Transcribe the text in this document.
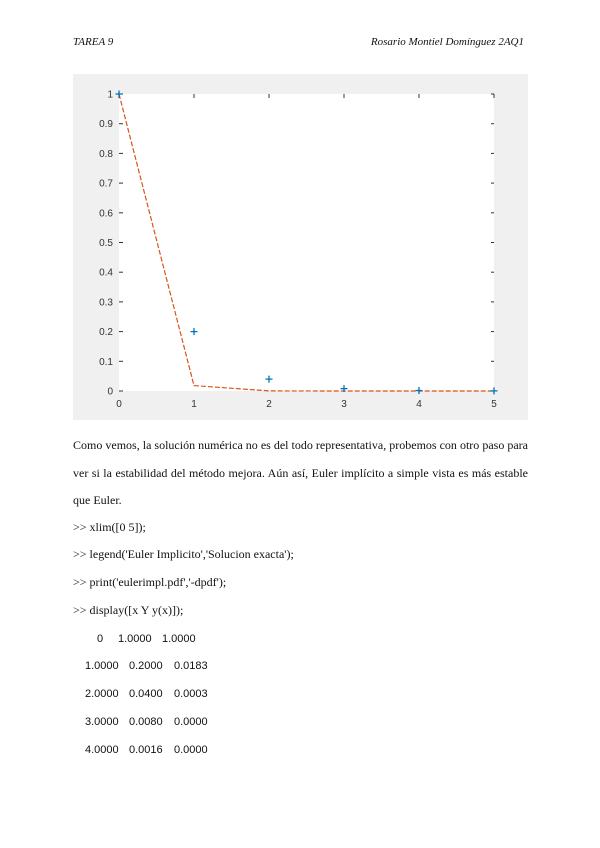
TAREA 9	Rosario Montiel Domínguez 2AQ1
0
0.1
0.2
0.3
0.4
0.5
0.6
0.7
0.8
0.9
1
0	1	2	3	4	5

Como vemos, la solución numérica no es del todo representativa, probemos con otro paso para ver si la estabilidad del método mejora. Aún así, Euler implícito a simple vista es más estable que Euler.

>> xlim([0 5]);

>> legend('Euler Implicito','Solucion exacta');

>> print('eulerimpl.pdf','-dpdf');

>> display([x Y y(x)]);

0 1.0000 1.0000
1.0000 0.2000 0.0183
2.0000 0.0400 0.0003
3.0000 0.0080 0.0000
4.0000 0.0016 0.0000
